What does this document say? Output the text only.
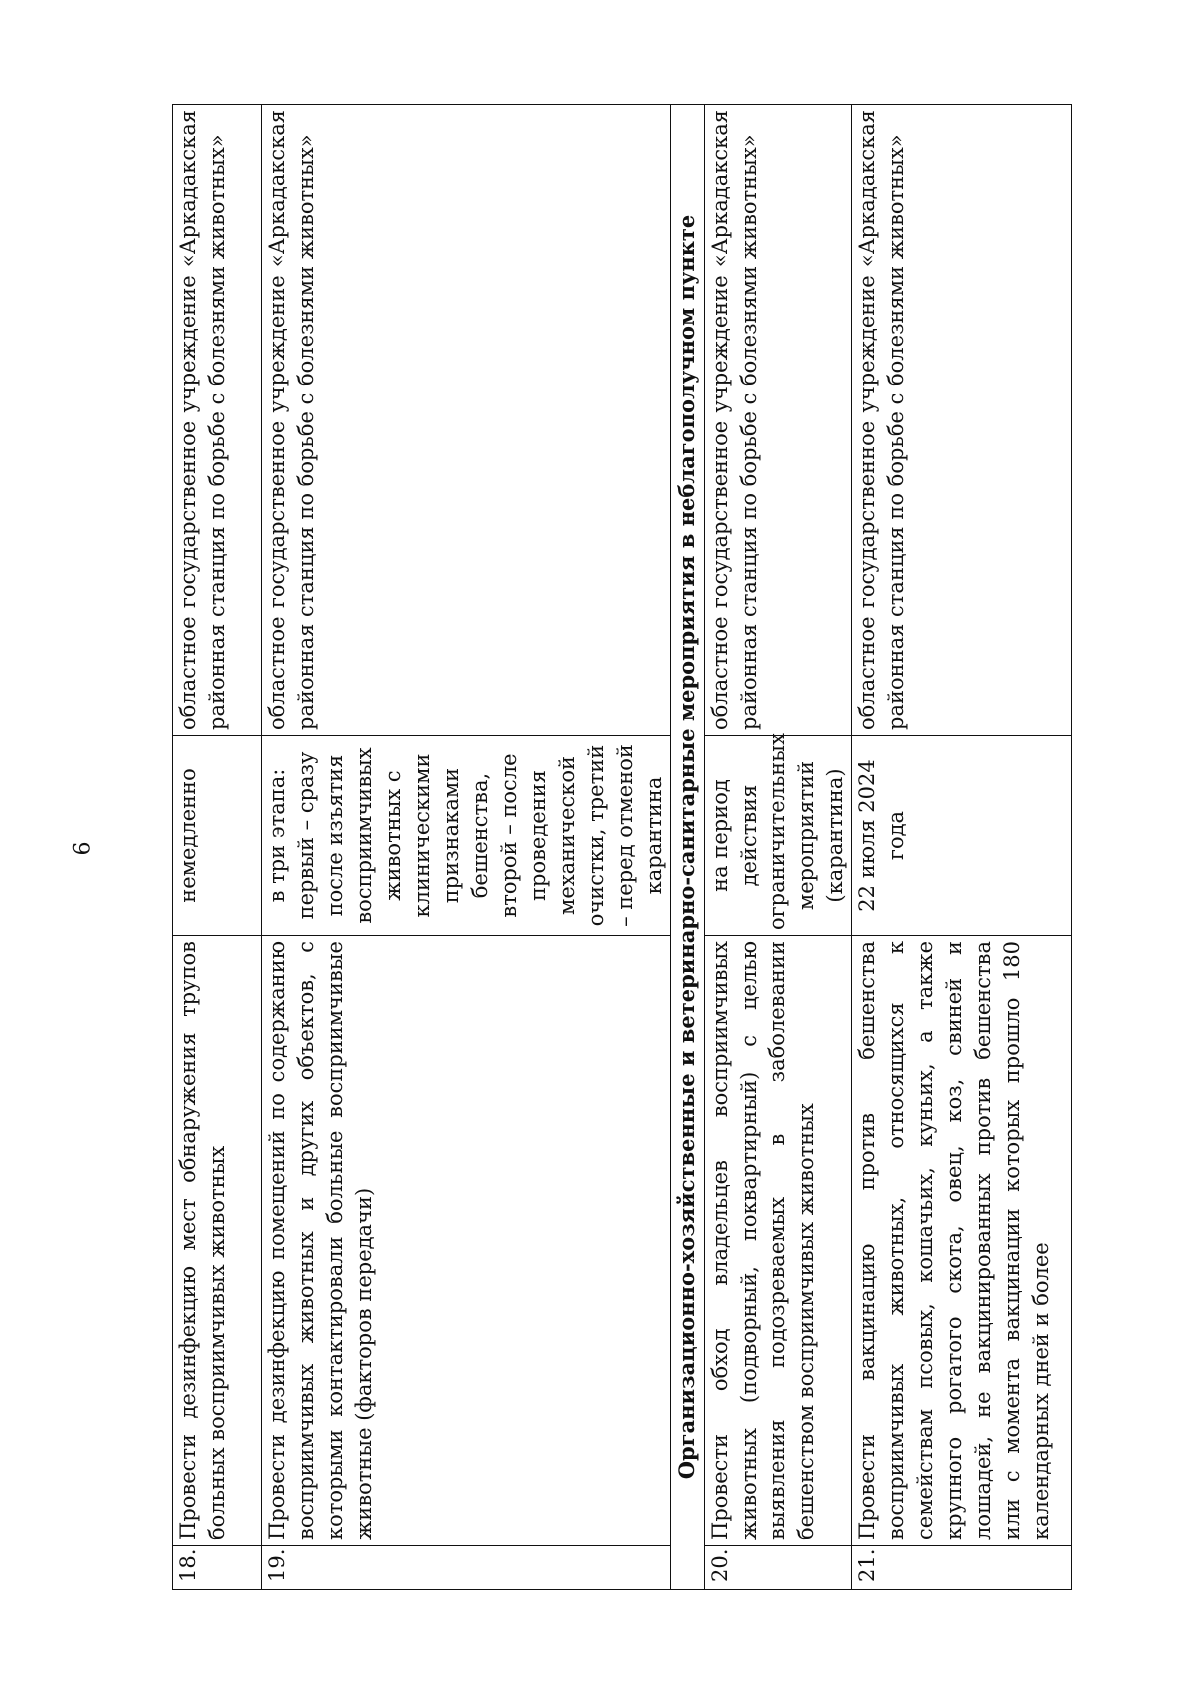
6
18.	Провести дезинфекцию мест обнаружения трупов больных восприимчивых животных	немедленно	областное государственное учреждение «Аркадакская районная станция по борьбе с болезнями животных»
19.	Провести дезинфекцию помещений по содержанию восприимчивых животных и других объектов, с которыми контактировали больные восприимчивые животные (факторов передачи)	в три этапа: первый – сразу после изъятия восприимчивых животных с клиническими признаками бешенства, второй – после проведения механической очистки, третий – перед отменой карантина	областное государственное учреждение «Аркадакская районная станция по борьбе с болезнями животных»
Организационно-хозяйственные и ветеринарно-санитарные мероприятия в неблагополучном пункте			
20.	Провести обход владельцев восприимчивых животных (подворный, поквартирный) с целью выявления подозреваемых в заболевании бешенством восприимчивых животных	на период действия ограничительных мероприятий (карантина)	областное государственное учреждение «Аркадакская районная станция по борьбе с болезнями животных»
21.	Провести вакцинацию против бешенства восприимчивых животных, относящихся к семействам псовых, кошачьих, куньих, а также крупного рогатого скота, овец, коз, свиней и лошадей, не вакцинированных против бешенства или с момента вакцинации которых прошло 180 календарных дней и более	22 июля 2024 года	областное государственное учреждение «Аркадакская районная станция по борьбе с болезнями животных»
